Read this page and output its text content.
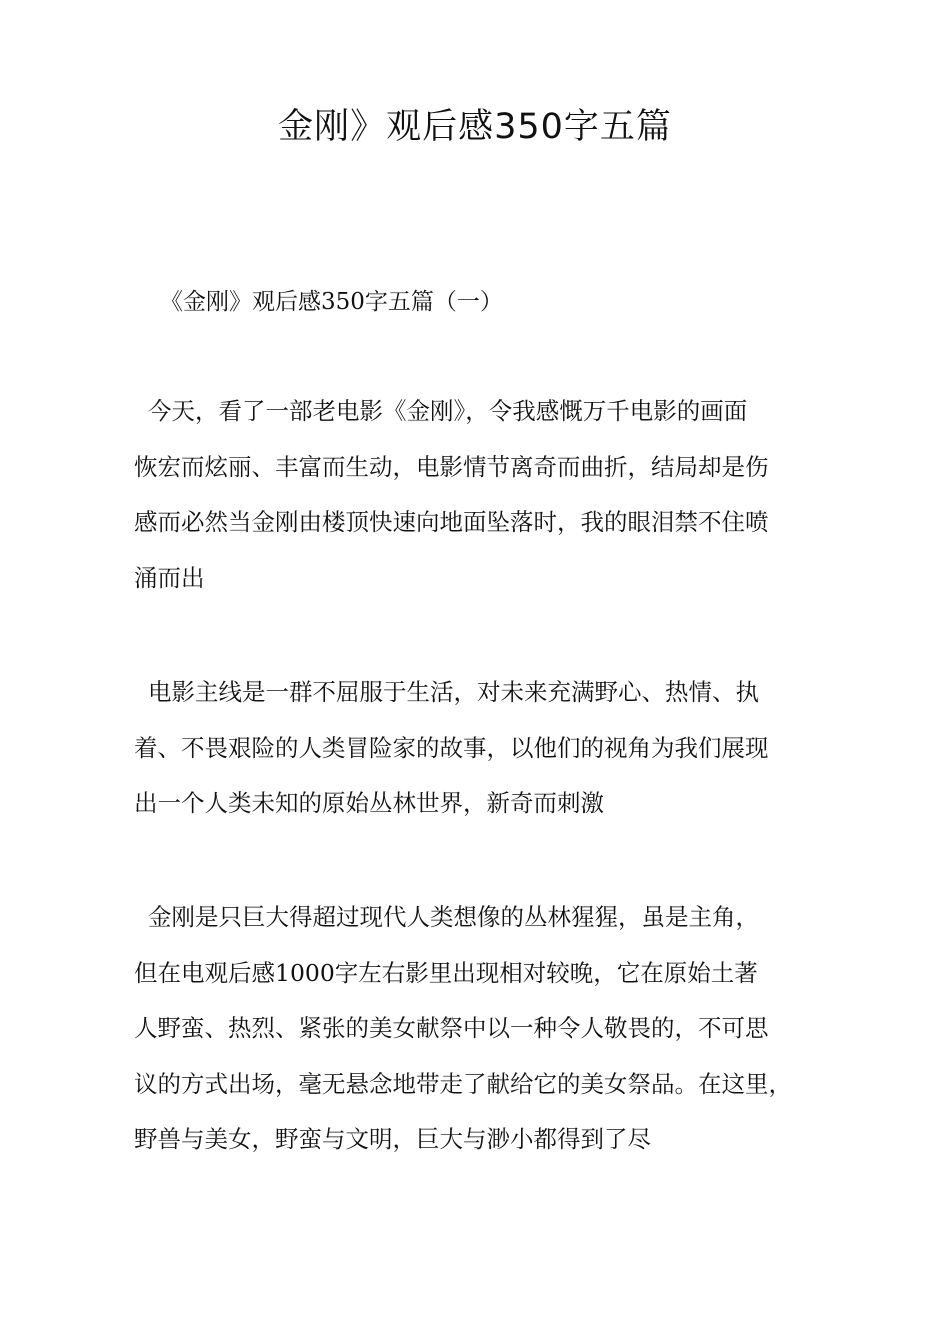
金刚》观后感350字五篇
《金刚》观后感350字五篇（一）
今天，看了一部老电影《金刚》，令我感慨万千电影的画面
恢宏而炫丽、丰富而生动，电影情节离奇而曲折，结局却是伤
感而必然当金刚由楼顶快速向地面坠落时，我的眼泪禁不住喷
涌而出
电影主线是一群不屈服于生活，对未来充满野心、热情、执
着、不畏艰险的人类冒险家的故事，以他们的视角为我们展现
出一个人类未知的原始丛林世界，新奇而刺激
金刚是只巨大得超过现代人类想像的丛林猩猩，虽是主角，
但在电观后感1000字左右影里出现相对较晚，它在原始土著
人野蛮、热烈、紧张的美女献祭中以一种令人敬畏的，不可思
议的方式出场，毫无悬念地带走了献给它的美女祭品。在这里，
野兽与美女，野蛮与文明，巨大与渺小都得到了尽
